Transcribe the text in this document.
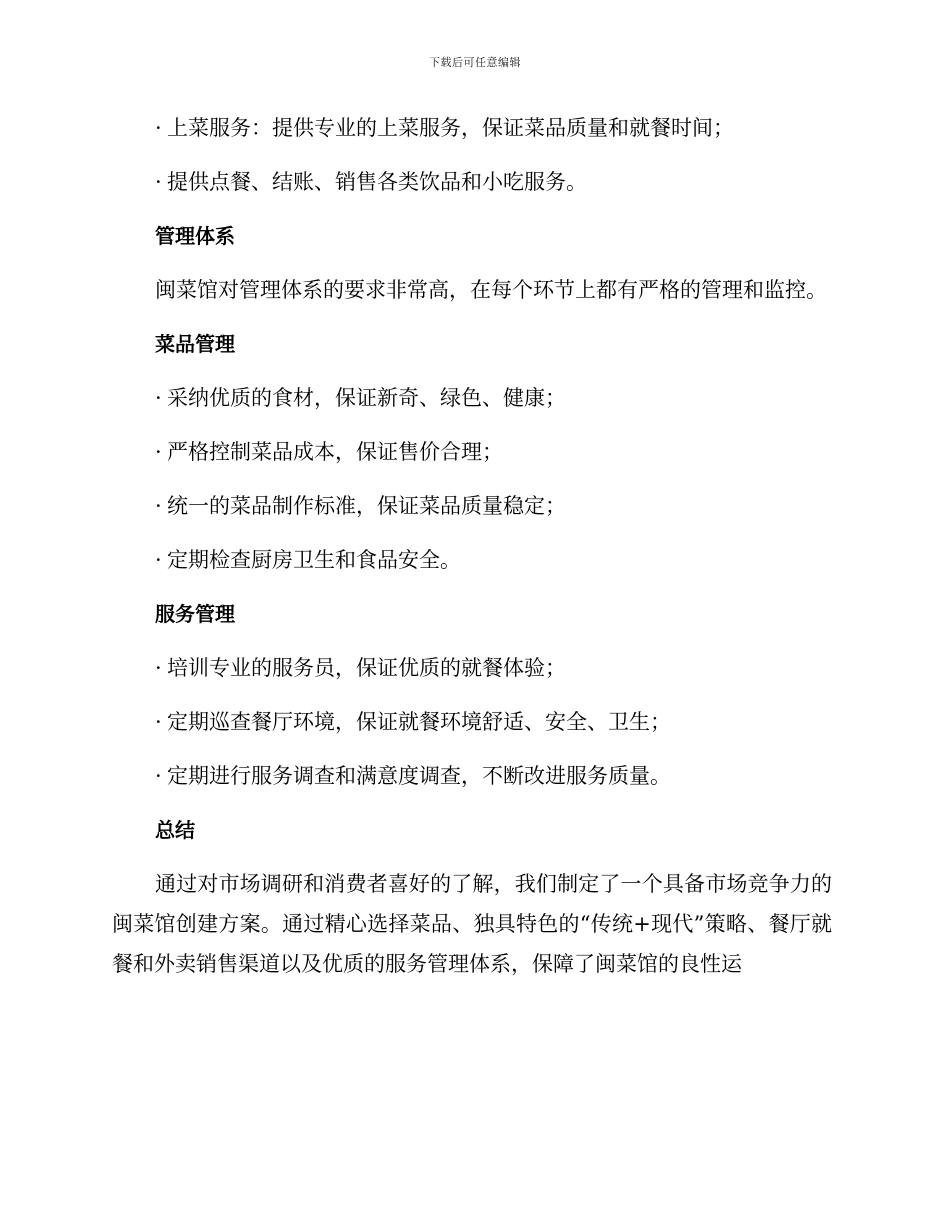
下载后可任意编辑
· 上菜服务：提供专业的上菜服务，保证菜品质量和就餐时间；
· 提供点餐、结账、销售各类饮品和小吃服务。
管理体系
闽菜馆对管理体系的要求非常高，在每个环节上都有严格的管理和监控。
菜品管理
· 采纳优质的食材，保证新奇、绿色、健康；
· 严格控制菜品成本，保证售价合理；
· 统一的菜品制作标准，保证菜品质量稳定；
· 定期检查厨房卫生和食品安全。
服务管理
· 培训专业的服务员，保证优质的就餐体验；
· 定期巡查餐厅环境，保证就餐环境舒适、安全、卫生；
· 定期进行服务调查和满意度调查，不断改进服务质量。
总结
通过对市场调研和消费者喜好的了解，我们制定了一个具备市场竞争力的闽菜馆创建方案。通过精心选择菜品、独具特色的“传统+现代”策略、餐厅就餐和外卖销售渠道以及优质的服务管理体系，保障了闽菜馆的良性运
